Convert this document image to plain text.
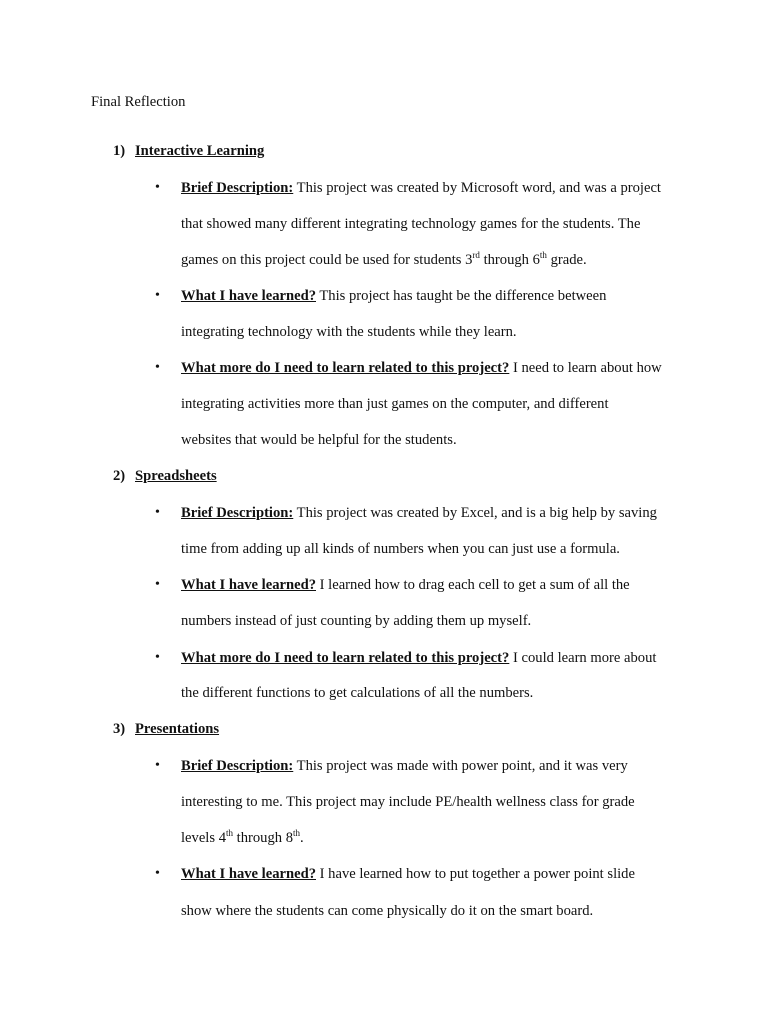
Final Reflection
1) Interactive Learning
• Brief Description: This project was created by Microsoft word, and was a project
that showed many different integrating technology games for the students. The
games on this project could be used for students 3rd through 6th grade.
• What I have learned? This project has taught be the difference between
integrating technology with the students while they learn.
• What more do I need to learn related to this project? I need to learn about how
integrating activities more than just games on the computer, and different
websites that would be helpful for the students.
2) Spreadsheets
• Brief Description: This project was created by Excel, and is a big help by saving
time from adding up all kinds of numbers when you can just use a formula.
• What I have learned? I learned how to drag each cell to get a sum of all the
numbers instead of just counting by adding them up myself.
• What more do I need to learn related to this project? I could learn more about
the different functions to get calculations of all the numbers.
3) Presentations
• Brief Description: This project was made with power point, and it was very
interesting to me. This project may include PE/health wellness class for grade
levels 4th through 8th.
• What I have learned? I have learned how to put together a power point slide
show where the students can come physically do it on the smart board.
